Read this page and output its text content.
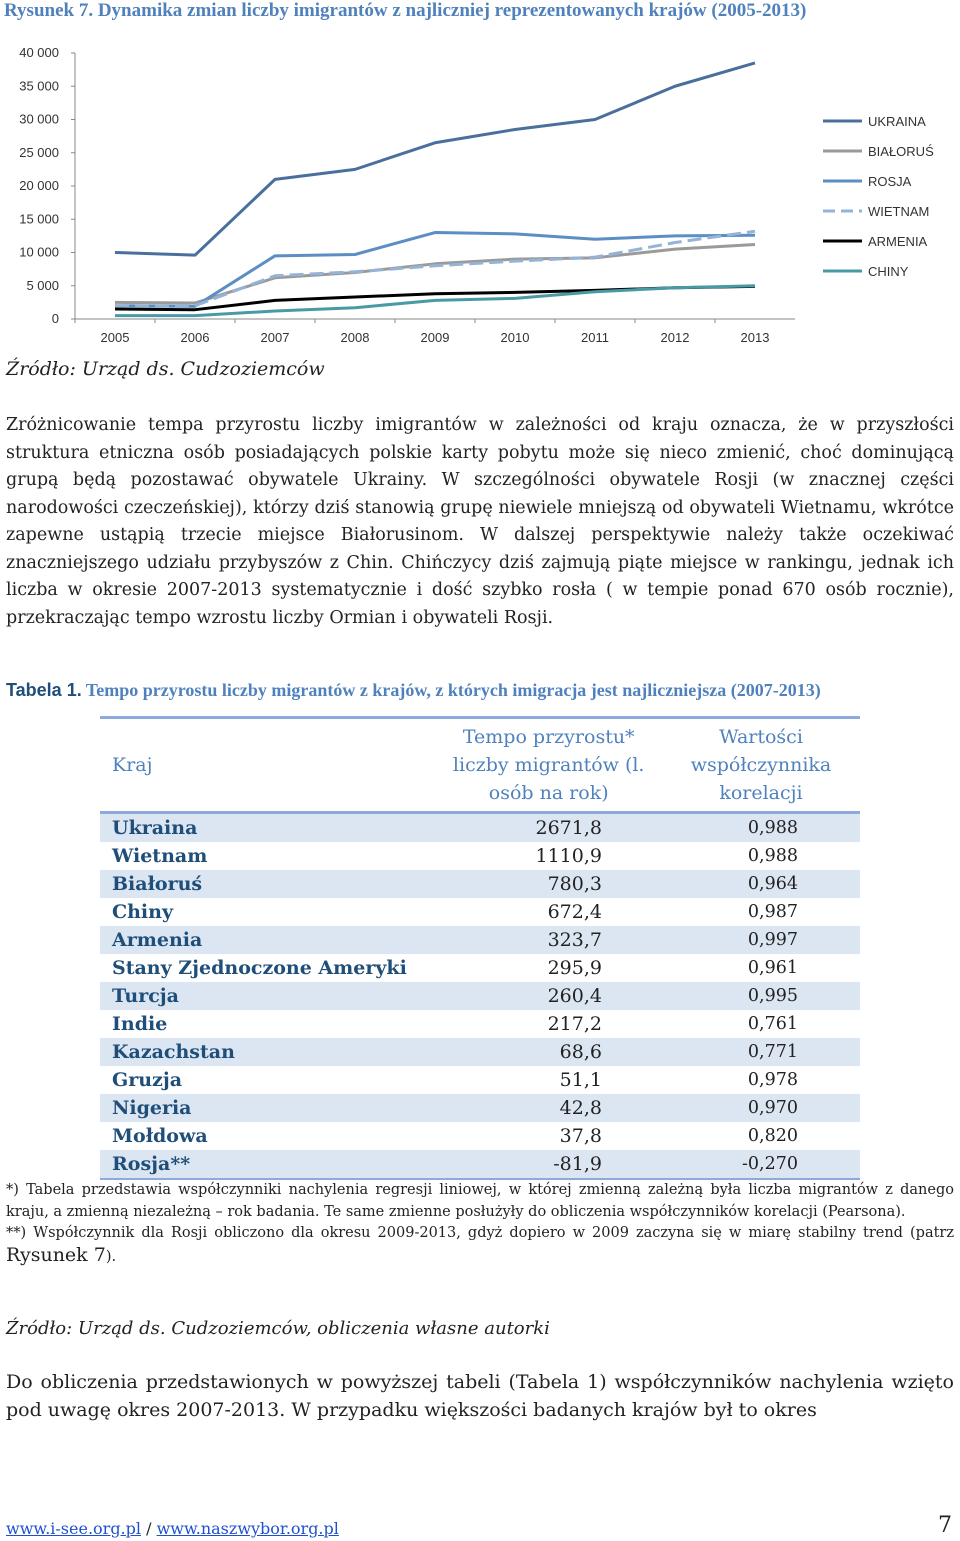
Rysunek 7. Dynamika zmian liczby imigrantów z najliczniej reprezentowanych krajów (2005-2013)
0
5 000
10 000
15 000
20 000
25 000
30 000
35 000
40 000
2005	2006	2007	2008	2009	2010	2011	2012	2013
UKRAINA
BIAŁORUŚ
ROSJA
WIETNAM
ARMENIA
CHINY
Źródło: Urząd ds. Cudzoziemców

Zróżnicowanie tempa przyrostu liczby imigrantów w zależności od kraju oznacza, że w przyszłości struktura etniczna osób posiadających polskie karty pobytu może się nieco zmienić, choć dominującą grupą będą pozostawać obywatele Ukrainy. W szczególności obywatele Rosji (w znacznej części narodowości czeczeńskiej), którzy dziś stanowią grupę niewiele mniejszą od obywateli Wietnamu, wkrótce zapewne ustąpią trzecie miejsce Białorusinom. W dalszej perspektywie należy także oczekiwać znaczniejszego udziału przybyszów z Chin. Chińczycy dziś zajmują piąte miejsce w rankingu, jednak ich liczba w okresie 2007-2013 systematycznie i dość szybko rosła ( w tempie ponad 670 osób rocznie), przekraczając tempo wzrostu liczby Ormian i obywateli Rosji.

Tabela 1. Tempo przyrostu liczby migrantów z krajów, z których imigracja jest najliczniejsza (2007-2013)
Kraj	Tempo przyrostu* liczby migrantów (l. osób na rok)	Wartości współczynnika korelacji
Ukraina	2671,8	0,988
Wietnam	1110,9	0,988
Białoruś	780,3	0,964
Chiny	672,4	0,987
Armenia	323,7	0,997
Stany Zjednoczone Ameryki	295,9	0,961
Turcja	260,4	0,995
Indie	217,2	0,761
Kazachstan	68,6	0,771
Gruzja	51,1	0,978
Nigeria	42,8	0,970
Mołdowa	37,8	0,820
Rosja**	-81,9	-0,270

*) Tabela przedstawia współczynniki nachylenia regresji liniowej, w której zmienną zależną była liczba migrantów z danego kraju, a zmienną niezależną – rok badania. Te same zmienne posłużyły do obliczenia współczynników korelacji (Pearsona).

**) Współczynnik dla Rosji obliczono dla okresu 2009-2013, gdyż dopiero w 2009 zaczyna się w miarę stabilny trend (patrz Rysunek 7).

Źródło: Urząd ds. Cudzoziemców, obliczenia własne autorki

Do obliczenia przedstawionych w powyższej tabeli (Tabela 1) współczynników nachylenia wzięto pod uwagę okres 2007-2013. W przypadku większości badanych krajów był to okres

www.i-see.org.pl / www.naszwybor.org.pl	7
